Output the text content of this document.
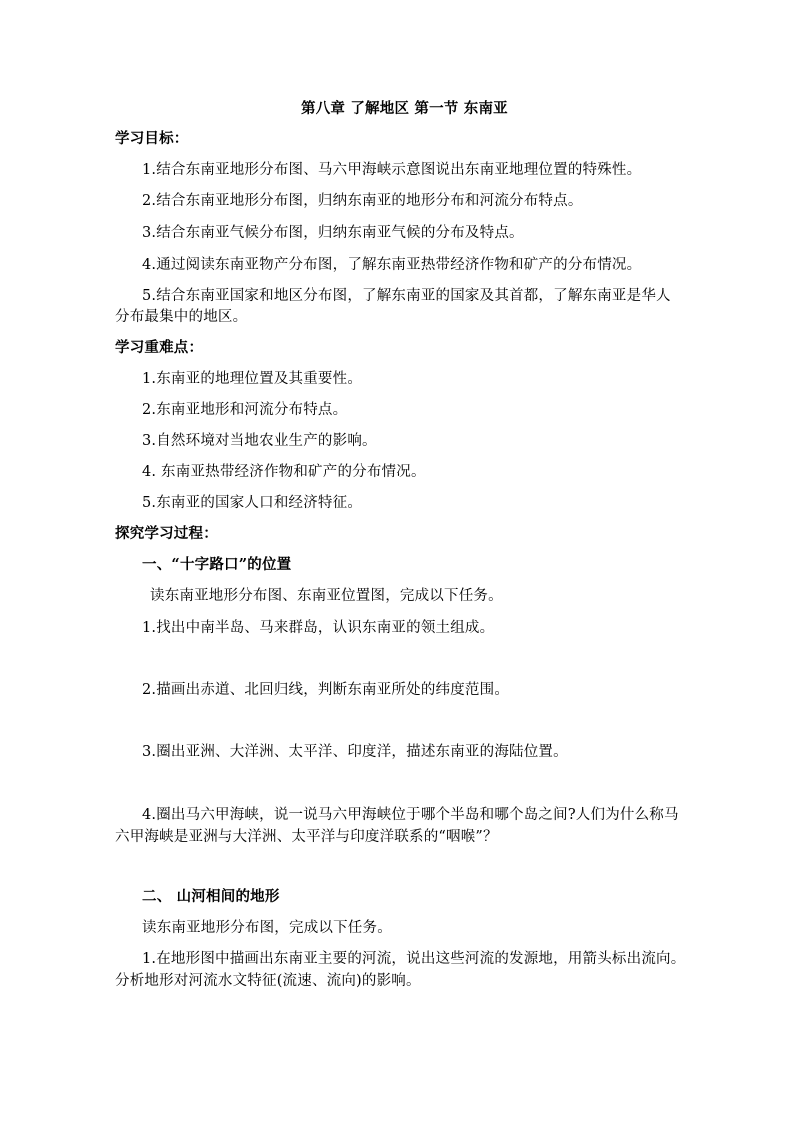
第八章 了解地区 第一节 东南亚
学习目标：
1.结合东南亚地形分布图、马六甲海峡示意图说出东南亚地理位置的特殊性。
2.结合东南亚地形分布图，归纳东南亚的地形分布和河流分布特点。
3.结合东南亚气候分布图，归纳东南亚气候的分布及特点。
4.通过阅读东南亚物产分布图，了解东南亚热带经济作物和矿产的分布情况。
5.结合东南亚国家和地区分布图，了解东南亚的国家及其首都，了解东南亚是华人
分布最集中的地区。
学习重难点：
1.东南亚的地理位置及其重要性。
2.东南亚地形和河流分布特点。
3.自然环境对当地农业生产的影响。
4. 东南亚热带经济作物和矿产的分布情况。
5.东南亚的国家人口和经济特征。
探究学习过程：
一、“十字路口”的位置
读东南亚地形分布图、东南亚位置图，完成以下任务。
1.找出中南半岛、马来群岛，认识东南亚的领土组成。
2.描画出赤道、北回归线，判断东南亚所处的纬度范围。
3.圈出亚洲、大洋洲、太平洋、印度洋，描述东南亚的海陆位置。
4.圈出马六甲海峡，说一说马六甲海峡位于哪个半岛和哪个岛之间?人们为什么称马
六甲海峡是亚洲与大洋洲、太平洋与印度洋联系的“咽喉”？
二、 山河相间的地形
读东南亚地形分布图，完成以下任务。
1.在地形图中描画出东南亚主要的河流，说出这些河流的发源地，用箭头标出流向。
分析地形对河流水文特征(流速、流向)的影响。
